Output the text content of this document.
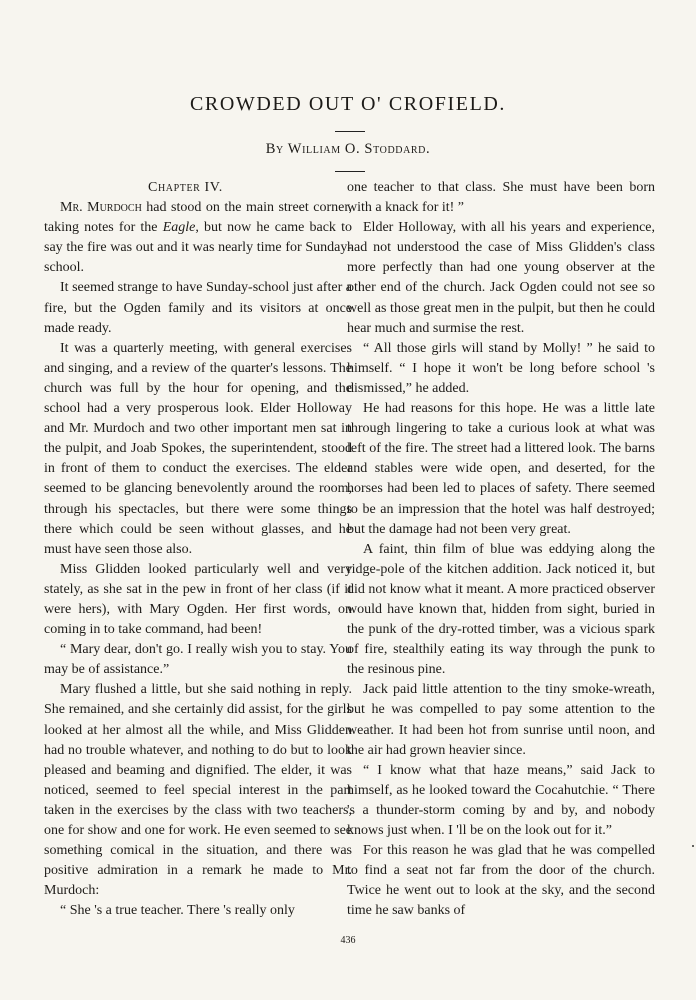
CROWDED OUT O' CROFIELD.

By William O. Stoddard.

Chapter IV.

Mr. Murdoch had stood on the main street corner, taking notes for the Eagle, but now he came back to say the fire was out and it was nearly time for Sunday-school.

It seemed strange to have Sunday-school just after a fire, but the Ogden family and its visitors at once made ready.

It was a quarterly meeting, with general exercises and singing, and a review of the quarter's lessons. The church was full by the hour for opening, and the school had a very prosperous look. Elder Holloway and Mr. Murdoch and two other important men sat in the pulpit, and Joab Spokes, the superintendent, stood in front of them to conduct the exercises. The elder seemed to be glancing benevolently around the room, through his spectacles, but there were some things there which could be seen without glasses, and he must have seen those also.

Miss Glidden looked particularly well and very stately, as she sat in the pew in front of her class (if it were hers), with Mary Ogden. Her first words, on coming in to take command, had been!

“ Mary dear, don't go. I really wish you to stay. You may be of assistance.”

Mary flushed a little, but she said nothing in reply. She remained, and she certainly did assist, for the girls looked at her almost all the while, and Miss Glidden had no trouble whatever, and nothing to do but to look pleased and beaming and dignified. The elder, it was noticed, seemed to feel special interest in the part taken in the exercises by the class with two teachers, one for show and one for work. He even seemed to see something comical in the situation, and there was positive admiration in a remark he made to Mr. Murdoch:

“ She 's a true teacher. There 's really only

one teacher to that class. She must have been born with a knack for it! ”

Elder Holloway, with all his years and experience, had not understood the case of Miss Glidden's class more perfectly than had one young observer at the other end of the church. Jack Ogden could not see so well as those great men in the pulpit, but then he could hear much and surmise the rest.

“ All those girls will stand by Molly! ” he said to himself. “ I hope it won't be long before school 's dismissed,” he added.

He had reasons for this hope. He was a little late through lingering to take a curious look at what was left of the fire. The street had a littered look. The barns and stables were wide open, and deserted, for the horses had been led to places of safety. There seemed to be an impression that the hotel was half destroyed; but the damage had not been very great.

A faint, thin film of blue was eddying along the ridge-pole of the kitchen addition. Jack noticed it, but did not know what it meant. A more practiced observer would have known that, hidden from sight, buried in the punk of the dry-rotted timber, was a vicious spark of fire, stealthily eating its way through the punk to the resinous pine.

Jack paid little attention to the tiny smoke-wreath, but he was compelled to pay some attention to the weather. It had been hot from sunrise until noon, and the air had grown heavier since.

“ I know what that haze means,” said Jack to himself, as he looked toward the Cocahutchie. “ There 's a thunder-storm coming by and by, and nobody knows just when. I 'll be on the look out for it.”

For this reason he was glad that he was compelled to find a seat not far from the door of the church. Twice he went out to look at the sky, and the second time he saw banks of

436
